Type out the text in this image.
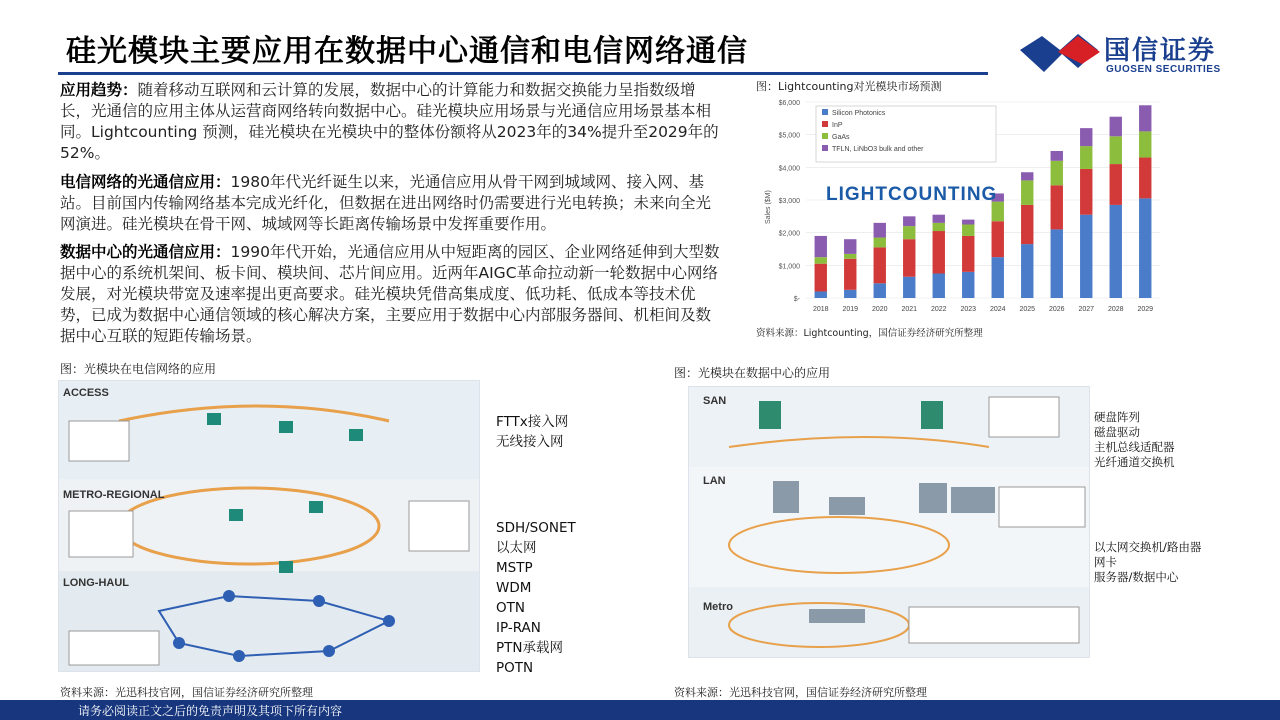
硅光模块主要应用在数据中心通信和电信网络通信	国信证券
GUOSEN SECURITIES
应用趋势：随着移动互联网和云计算的发展，数据中心的计算能力和数据交换能力呈指数级增长，光通信的应用主体从运营商网络转向数据中心。硅光模块应用场景与光通信应用场景基本相同。Lightcounting 预测，硅光模块在光模块中的整体份额将从2023年的34%提升至2029年的52%。
电信网络的光通信应用：1980年代光纤诞生以来，光通信应用从骨干网到城域网、接入网、基站。目前国内传输网络基本完成光纤化，但数据在进出网络时仍需要进行光电转换；未来向全光网演进。硅光模块在骨干网、城域网等长距离传输场景中发挥重要作用。
数据中心的光通信应用：1990年代开始，光通信应用从中短距离的园区、企业网络延伸到大型数据中心的系统机架间、板卡间、模块间、芯片间应用。近两年AIGC革命拉动新一轮数据中心网络发展，对光模块带宽及速率提出更高要求。硅光模块凭借高集成度、低功耗、低成本等技术优势，已成为数据中心通信领域的核心解决方案，主要应用于数据中心内部服务器间、机柜间及数据中心互联的短距传输场景。
图：Lightcounting对光模块市场预测
$-
$1,000
$2,000
$3,000
$4,000
$5,000
$6,000
2018 2019 2020 2021 2022 2023 2024 2025 2026 2027 2028 2029
Silicon Photonics
InP
GaAs
TFLN, LiNbO3 bulk and other
LIGHTCOUNTING
Sales ($M)
资料来源：Lightcounting，国信证券经济研究所整理
图：光模块在电信网络的应用
ACCESS
METRO-REGIONAL
LONG-HAUL
FTTx接入网
无线接入网
SDH/SONET
以太网
MSTP
WDM
OTN
IP-RAN
PTN承载网
POTN
资料来源：光迅科技官网，国信证券经济研究所整理
图：光模块在数据中心的应用
SAN
LAN
Metro
硬盘阵列
磁盘驱动
主机总线适配器
光纤通道交换机
以太网交换机/路由器
网卡
服务器/数据中心
资料来源：光迅科技官网，国信证券经济研究所整理
请务必阅读正文之后的免责声明及其项下所有内容
